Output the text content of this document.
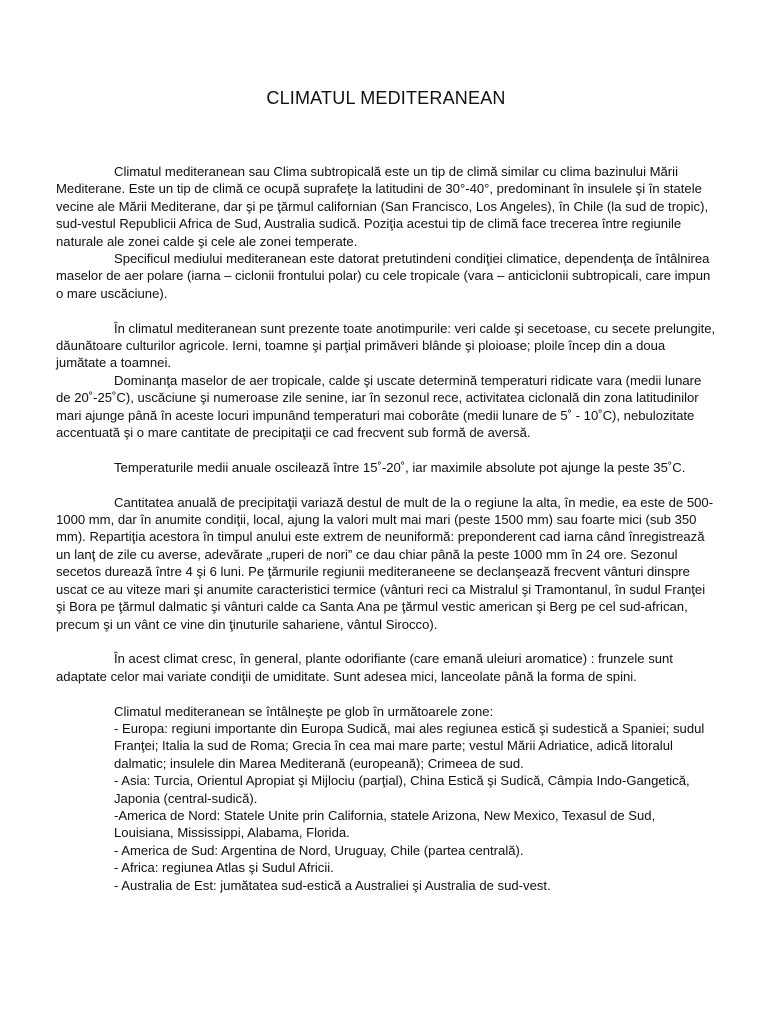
CLIMATUL MEDITERANEAN

Climatul mediteranean sau Clima subtropicală este un tip de climă similar cu clima bazinului Mării Mediterane. Este un tip de climă ce ocupă suprafeţe la latitudini de 30°-40°, predominant în insulele şi în statele vecine ale Mării Mediterane, dar şi pe ţărmul californian (San Francisco, Los Angeles), în Chile (la sud de tropic), sud-vestul Republicii Africa de Sud, Australia sudică. Poziţia acestui tip de climă face trecerea între regiunile naturale ale zonei calde şi cele ale zonei temperate.

Specificul mediului mediteranean este datorat pretutindeni condiţiei climatice, dependenţa de întâlnirea maselor de aer polare (iarna – ciclonii frontului polar) cu cele tropicale (vara – anticiclonii subtropicali, care impun o mare uscăciune).

În climatul mediteranean sunt prezente toate anotimpurile: veri calde şi secetoase, cu secete prelungite, dăunătoare culturilor agricole. Ierni, toamne şi parţial primăveri blânde şi ploioase; ploile încep din a doua jumătate a toamnei.

Dominanţa maselor de aer tropicale, calde şi uscate determină temperaturi ridicate vara (medii lunare de 20˚-25˚C), uscăciune şi numeroase zile senine, iar în sezonul rece, activitatea ciclonală din zona latitudinilor mari ajunge până în aceste locuri impunând temperaturi mai coborâte (medii lunare de 5˚ - 10˚C), nebulozitate accentuată şi o mare cantitate de precipitaţii ce cad frecvent sub formă de aversă.

Temperaturile medii anuale oscilează între 15˚-20˚, iar maximile absolute pot ajunge la peste 35˚C.

Cantitatea anuală de precipitaţii variază destul de mult de la o regiune la alta, în medie, ea este de 500-1000 mm, dar în anumite condiţii, local, ajung la valori mult mai mari (peste 1500 mm) sau foarte mici (sub 350 mm). Repartiţia acestora în timpul anului este extrem de neuniformă: preponderent cad iarna când înregistrează un lanţ de zile cu averse, adevărate „ruperi de nori” ce dau chiar până la peste 1000 mm în 24 ore. Sezonul secetos durează între 4 şi 6 luni. Pe ţărmurile regiunii mediteraneene se declanşează frecvent vânturi dinspre uscat ce au viteze mari şi anumite caracteristici termice (vânturi reci ca Mistralul şi Tramontanul, în sudul Franţei şi Bora pe ţărmul dalmatic şi vânturi calde ca Santa Ana pe ţărmul vestic american şi Berg pe cel sud-african, precum şi un vânt ce vine din ţinuturile sahariene, vântul Sirocco).

În acest climat cresc, în general, plante odorifiante (care emană uleiuri aromatice) : frunzele sunt adaptate celor mai variate condiţii de umiditate. Sunt adesea mici, lanceolate până la forma de spini.

Climatul mediteranean se întâlneşte pe glob în următoarele zone:

- Europa: regiuni importante din Europa Sudică, mai ales regiunea estică şi sudestică a Spaniei; sudul Franţei; Italia la sud de Roma; Grecia în cea mai mare parte; vestul Mării Adriatice, adică litoralul dalmatic; insulele din Marea Mediterană (europeană); Crimeea de sud.

- Asia: Turcia, Orientul Apropiat şi Mijlociu (parţial), China Estică şi Sudică, Câmpia Indo-Gangetică, Japonia (central-sudică).

-America de Nord: Statele Unite prin California, statele Arizona, New Mexico, Texasul de Sud, Louisiana, Mississippi, Alabama, Florida.

- America de Sud: Argentina de Nord, Uruguay, Chile (partea centrală).

- Africa: regiunea Atlas şi Sudul Africii.

- Australia de Est: jumătatea sud-estică a Australiei şi Australia de sud-vest.
